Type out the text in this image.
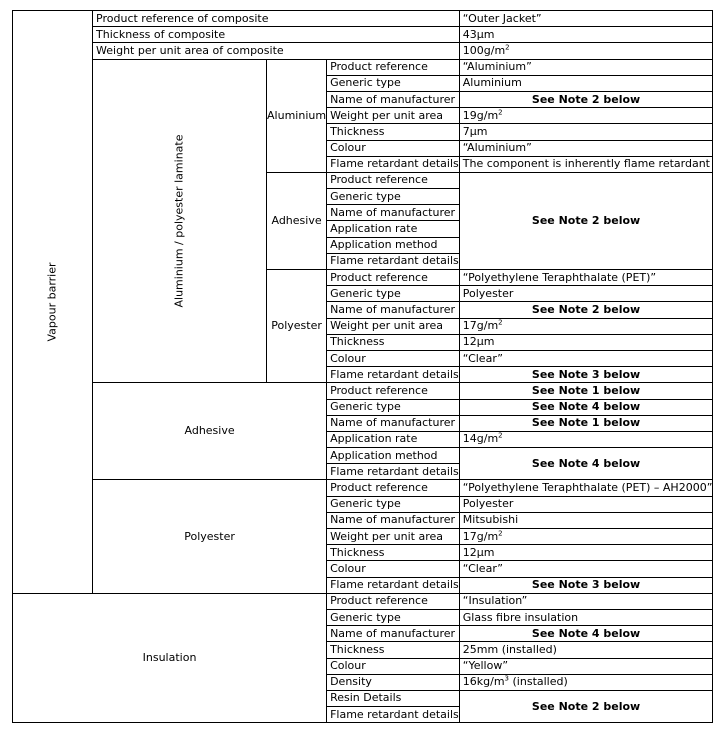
Vapour barrier	Product reference of composite			“Outer Jacket”
	Thickness of composite			43µm
	Weight per unit area of composite			$100g/m^2$
	Aluminium / polyester laminate	Aluminium	Product reference	“Aluminium”
			Generic type	Aluminium
			Name of manufacturer	See Note 2 below
			Weight per unit area	$19g/m^2$
			Thickness	7µm
			Colour	“Aluminium”
			Flame retardant details	The component is inherently flame retardant
		Adhesive	Product reference	See Note 2 below
			Generic type	
			Name of manufacturer	
			Application rate	
			Application method	
			Flame retardant details	
		Polyester	Product reference	“Polyethylene Teraphthalate (PET)”
			Generic type	Polyester
			Name of manufacturer	See Note 2 below
			Weight per unit area	$17g/m^2$
			Thickness	12µm
			Colour	“Clear”
			Flame retardant details	See Note 3 below
	Adhesive		Product reference	See Note 1 below
			Generic type	See Note 4 below
			Name of manufacturer	See Note 1 below
			Application rate	$14g/m^2$
			Application method	See Note 4 below
			Flame retardant details	
	Polyester		Product reference	“Polyethylene Teraphthalate (PET) – AH2000”
			Generic type	Polyester
			Name of manufacturer	Mitsubishi
			Weight per unit area	$17g/m^2$
			Thickness	12µm
			Colour	“Clear”
			Flame retardant details	See Note 3 below
Insulation			Product reference	“Insulation”
			Generic type	Glass fibre insulation
			Name of manufacturer	See Note 4 below
			Thickness	25mm (installed)
			Colour	“Yellow”
			Density	$16kg/m^3$ (installed)
			Resin Details	See Note 2 below
			Flame retardant details	
